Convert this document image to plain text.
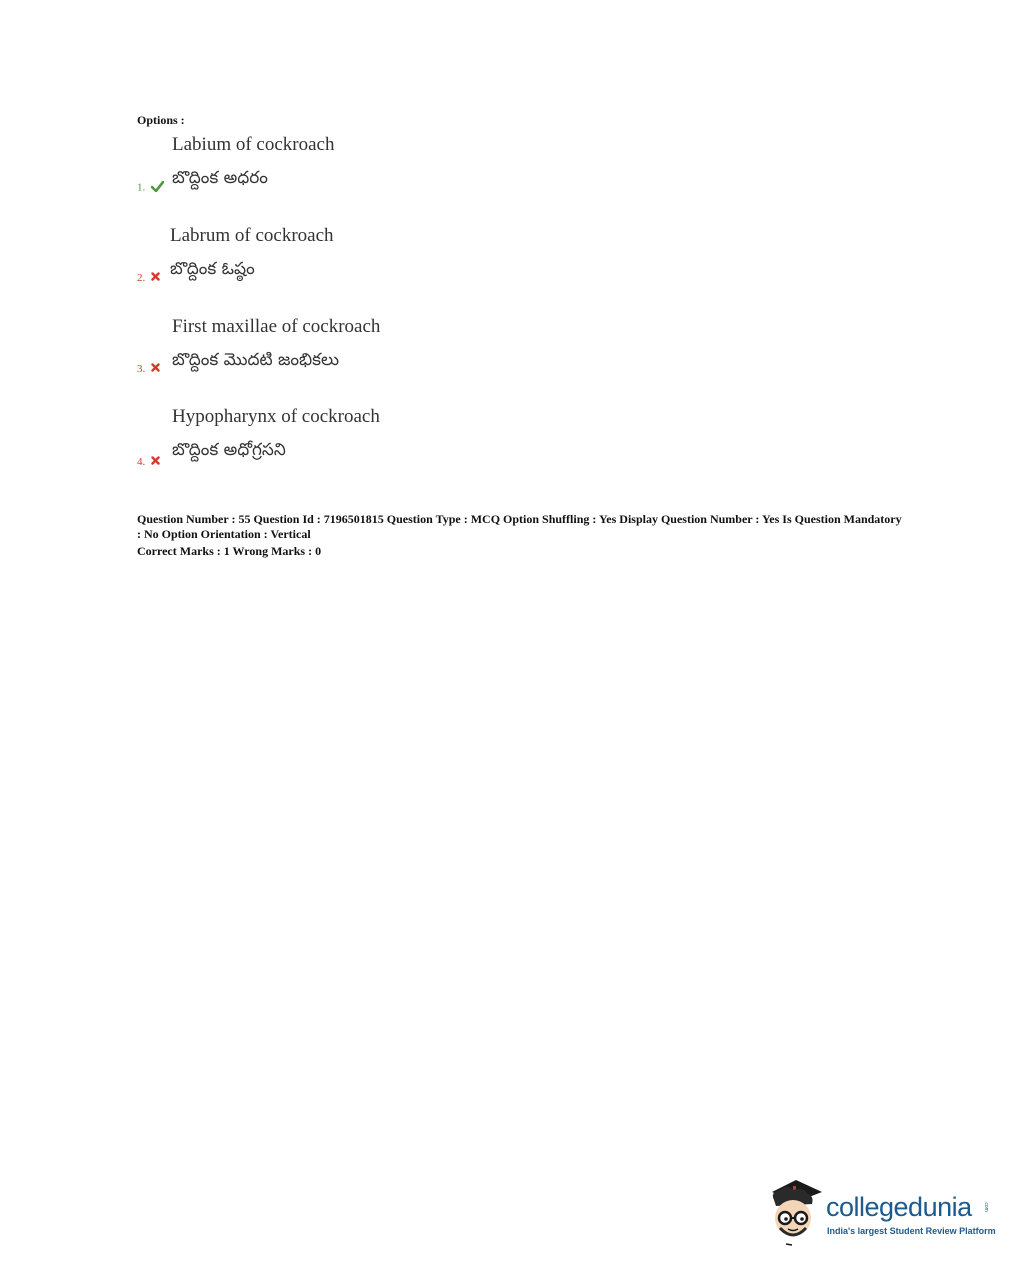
Options :
Labium of cockroach
బొద్దింక అధరం
1.
Labrum of cockroach
బొద్దింక ఓష్ఠం
2.
First maxillae of cockroach
బొద్దింక మొదటి జంభికలు
3.
Hypopharynx of cockroach
బొద్దింక అధోగ్రసని
4.
Question Number : 55 Question Id : 7196501815 Question Type : MCQ Option Shuffling : Yes Display Question Number : Yes Is Question Mandatory : No Option Orientation : Vertical
Correct Marks : 1 Wrong Marks : 0
collegedunia .com
India's largest Student Review Platform
